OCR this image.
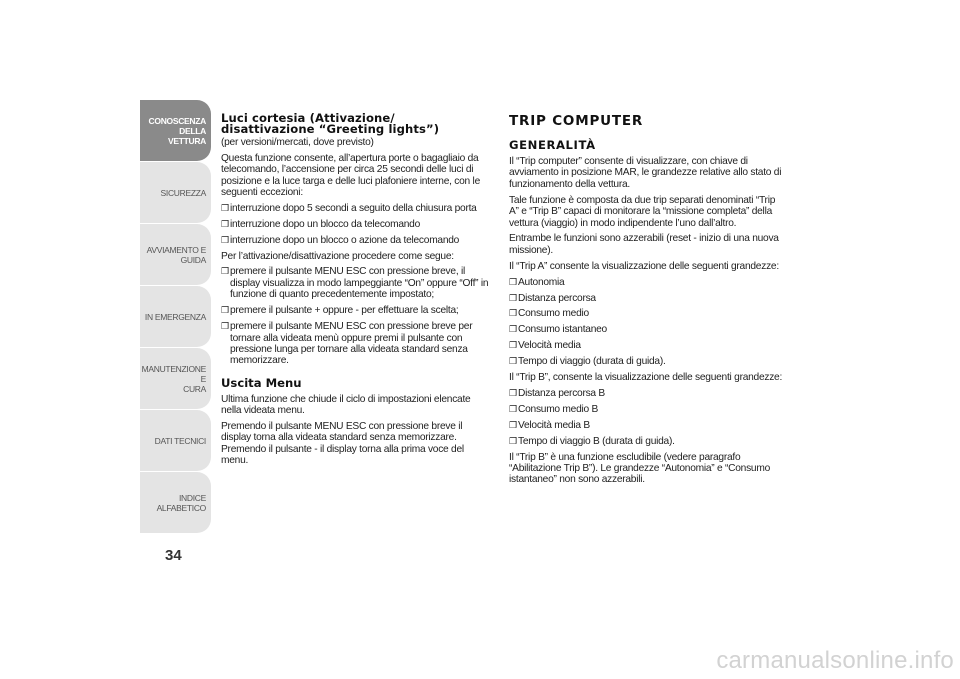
CONOSCENZA
DELLA VETTURA
SICUREZZA
AVVIAMENTO E
GUIDA
IN EMERGENZA
MANUTENZIONE E
CURA
DATI TECNICI
INDICE ALFABETICO
34
Luci cortesia (Attivazione/
disattivazione “Greeting lights”)

(per versioni/mercati, dove previsto)

Questa funzione consente, all’apertura porte o bagagliaio da telecomando, l’accensione per circa 25 secondi delle luci di posizione e la luce targa e delle luci plafoniere interne, con le seguenti eccezioni:

❒interruzione dopo 5 secondi a seguito della chiusura porta
❒interruzione dopo un blocco da telecomando
❒interruzione dopo un blocco o azione da telecomando

Per l’attivazione/disattivazione procedere come segue:

❒premere il pulsante MENU ESC con pressione breve, il display visualizza in modo lampeggiante “On” oppure “Off” in funzione di quanto precedentemente impostato;
❒premere il pulsante + oppure - per effettuare la scelta;
❒premere il pulsante MENU ESC con pressione breve per tornare alla videata menù oppure premi il pulsante con pressione lunga per tornare alla videata standard senza memorizzare.
Uscita Menu

Ultima funzione che chiude il ciclo di impostazioni elencate nella videata menu.

Premendo il pulsante MENU ESC con pressione breve il display torna alla videata standard senza memorizzare. Premendo il pulsante - il display torna alla prima voce del menu.

TRIP COMPUTER
GENERALITÀ

Il “Trip computer” consente di visualizzare, con chiave di avviamento in posizione MAR, le grandezze relative allo stato di funzionamento della vettura.

Tale funzione è composta da due trip separati denominati “Trip A” e “Trip B” capaci di monitorare la “missione completa” della vettura (viaggio) in modo indipendente l’uno dall’altro.

Entrambe le funzioni sono azzerabili (reset - inizio di una nuova missione).

Il “Trip A” consente la visualizzazione delle seguenti grandezze:

❒Autonomia
❒Distanza percorsa
❒Consumo medio
❒Consumo istantaneo
❒Velocità media
❒Tempo di viaggio (durata di guida).

Il “Trip B”, consente la visualizzazione delle seguenti grandezze:

❒Distanza percorsa B
❒Consumo medio B
❒Velocità media B
❒Tempo di viaggio B (durata di guida).

Il “Trip B” è una funzione escludibile (vedere paragrafo “Abilitazione Trip B”). Le grandezze “Autonomia” e “Consumo istantaneo” non sono azzerabili.

carmanualsonline.info
